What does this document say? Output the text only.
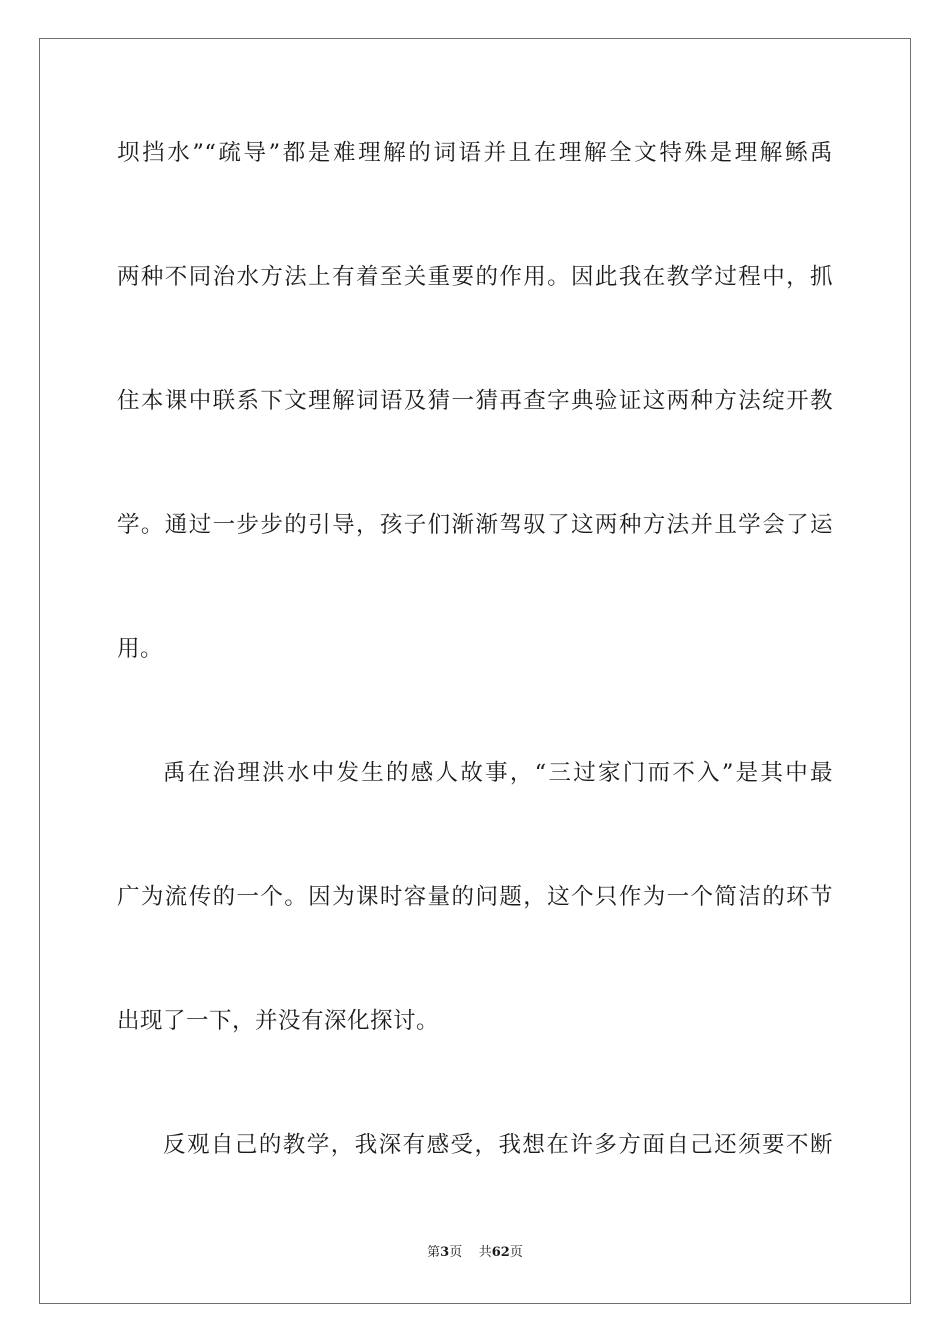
坝挡水”“疏导”都是难理解的词语并且在理解全文特殊是理解鲧禹
两种不同治水方法上有着至关重要的作用。因此我在教学过程中，抓
住本课中联系下文理解词语及猜一猜再查字典验证这两种方法绽开教
学。通过一步步的引导，孩子们渐渐驾驭了这两种方法并且学会了运
用。
禹在治理洪水中发生的感人故事，“三过家门而不入”是其中最
广为流传的一个。因为课时容量的问题，这个只作为一个简洁的环节
出现了一下，并没有深化探讨。
反观自己的教学，我深有感受，我想在许多方面自己还须要不断
第3页 共62页
